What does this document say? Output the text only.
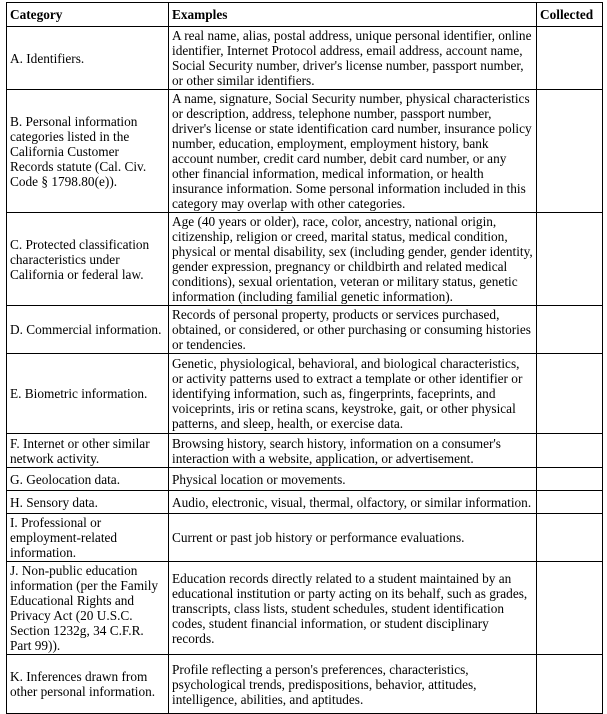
Category	Examples	Collected
A. Identifiers.	A real name, alias, postal address, unique personal identifier, online identifier, Internet Protocol address, email address, account name, Social Security number, driver's license number, passport number, or other similar identifiers.	
B. Personal information categories listed in the California Customer Records statute (Cal. Civ. Code § 1798.80(e)).	A name, signature, Social Security number, physical characteristics or description, address, telephone number, passport number, driver's license or state identification card number, insurance policy number, education, employment, employment history, bank account number, credit card number, debit card number, or any other financial information, medical information, or health insurance information. Some personal information included in this category may overlap with other categories.	
C. Protected classification characteristics under California or federal law.	Age (40 years or older), race, color, ancestry, national origin, citizenship, religion or creed, marital status, medical condition, physical or mental disability, sex (including gender, gender identity, gender expression, pregnancy or childbirth and related medical conditions), sexual orientation, veteran or military status, genetic information (including familial genetic information).	
D. Commercial information.	Records of personal property, products or services purchased, obtained, or considered, or other purchasing or consuming histories or tendencies.	
E. Biometric information.	Genetic, physiological, behavioral, and biological characteristics, or activity patterns used to extract a template or other identifier or identifying information, such as, fingerprints, faceprints, and voiceprints, iris or retina scans, keystroke, gait, or other physical patterns, and sleep, health, or exercise data.	
F. Internet or other similar network activity.	Browsing history, search history, information on a consumer's interaction with a website, application, or advertisement.	
G. Geolocation data.	Physical location or movements.	
H. Sensory data.	Audio, electronic, visual, thermal, olfactory, or similar information.	
I. Professional or employment-related information.	Current or past job history or performance evaluations.	
J. Non-public education information (per the Family Educational Rights and Privacy Act (20 U.S.C. Section 1232g, 34 C.F.R. Part 99)).	Education records directly related to a student maintained by an educational institution or party acting on its behalf, such as grades, transcripts, class lists, student schedules, student identification codes, student financial information, or student disciplinary records.	
K. Inferences drawn from other personal information.	Profile reflecting a person's preferences, characteristics, psychological trends, predispositions, behavior, attitudes, intelligence, abilities, and aptitudes.	
